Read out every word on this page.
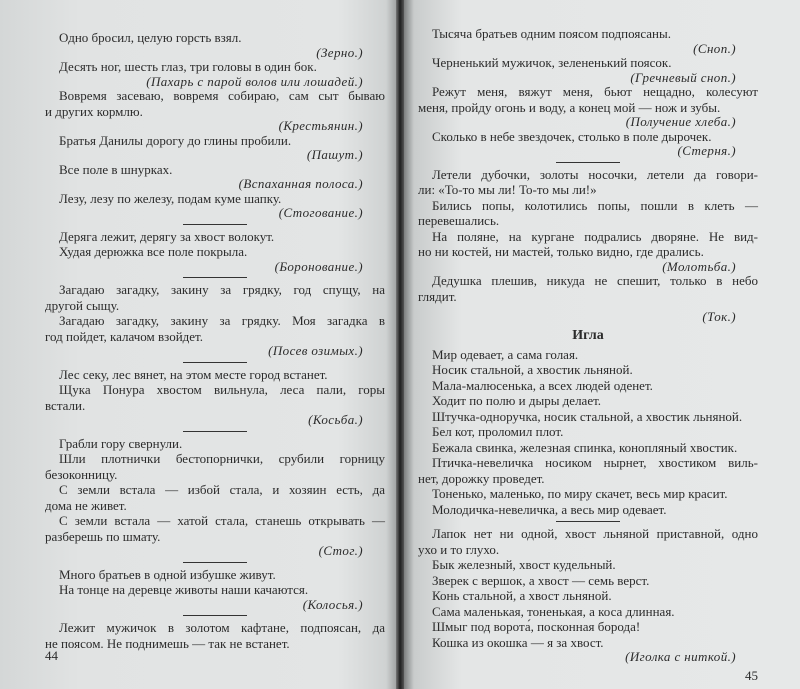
Одно бросил, целую горсть взял.
(Зерно.)
Десять ног, шесть глаз, три головы в один бок.
(Пахарь с парой волов или лошадей.)
Вовремя засеваю, вовремя собираю, сам сыт бываю
и других кормлю.
(Крестьянин.)
Братья Данилы дорогу до глины пробили.
(Пашут.)
Все поле в шнурках.
(Вспаханная полоса.)
Лезу, лезу по железу, подам куме шапку.
(Стогование.)
Деряга лежит, дерягу за хвост волокут.
Худая дерюжка все поле покрыла.
(Боронование.)
Загадаю загадку, закину за грядку, год спущу, на
другой сыщу.
Загадаю загадку, закину за грядку. Моя загадка в
год пойдет, калачом взойдет.
(Посев озимых.)
Лес секу, лес вянет, на этом месте город встанет.
Щука Понура хвостом вильнула, леса пали, горы
встали.
(Косьба.)
Грабли гору свернули.
Шли плотнички бестопорнички, срубили горницу
безоконницу.
С земли встала — избой стала, и хозяин есть, да
дома не живет.
С земли встала — хатой стала, станешь открывать —
разберешь по шмату.
(Стог.)
Много братьев в одной избушке живут.
На тонце на деревце животы наши качаются.
(Колосья.)
Лежит мужичок в золотом кафтане, подпоясан, да
не поясом. Не поднимешь — так не встанет.
44
Тысяча братьев одним поясом подпоясаны.
(Сноп.)
Черненький мужичок, зелененький поясок.
(Гречневый сноп.)
Режут меня, вяжут меня, бьют нещадно, колесуют
меня, пройду огонь и воду, а конец мой — нож и зубы.
(Получение хлеба.)
Сколько в небе звездочек, столько в поле дырочек.
(Стерня.)
Летели дубочки, золоты носочки, летели да говори-
ли: «То-то мы ли! То-то мы ли!»
Бились попы, колотились попы, пошли в клеть —
перевешались.
На поляне, на кургане подрались дворяне. Не вид-
но ни костей, ни мастей, только видно, где дрались.
(Молотьба.)
Дедушка плешив, никуда не спешит, только в небо
глядит.
(Ток.)
Игла
Мир одевает, а сама голая.
Носик стальной, а хвостик льняной.
Мала-малюсенька, а всех людей оденет.
Ходит по полю и дыры делает.
Штучка-одноручка, носик стальной, а хвостик льняной.
Бел кот, проломил плот.
Бежала свинка, железная спинка, конопляный хвостик.
Птичка-невеличка носиком нырнет, хвостиком виль-
нет, дорожку проведет.
Тоненько, маленько, по миру скачет, весь мир красит.
Молодичка-невеличка, а весь мир одевает.
Лапок нет ни одной, хвост льняной приставной, одно
ухо и то глухо.
Бык железный, хвост кудельный.
Зверек с вершок, а хвост — семь верст.
Конь стальной, а хвост льняной.
Сама маленькая, тоненькая, а коса длинная.
Шмыг под ворота́, посконная борода!
Кошка из окошка — я за хвост.
(Иголка с ниткой.)
45
